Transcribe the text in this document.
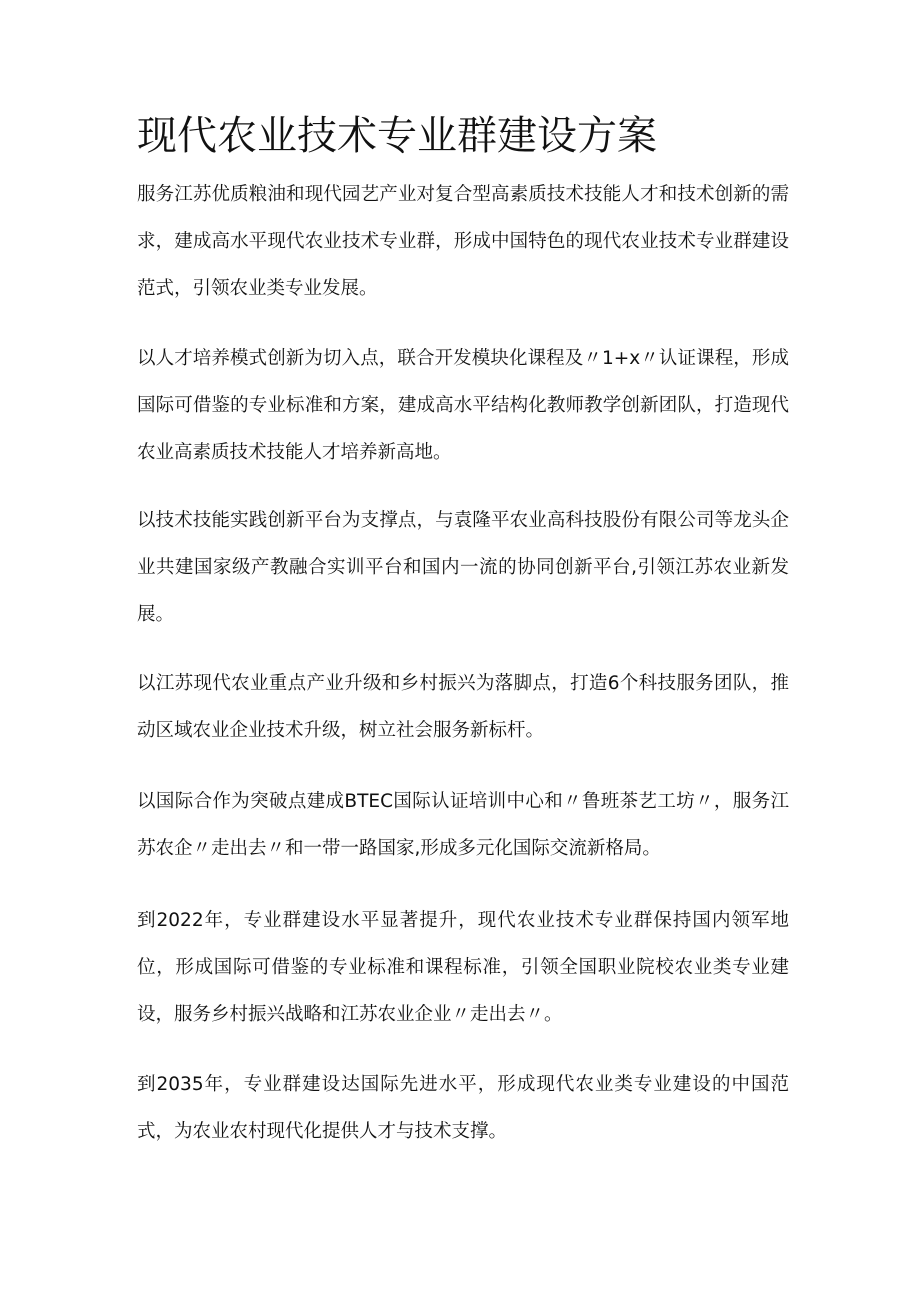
现代农业技术专业群建设方案

服务江苏优质粮油和现代园艺产业对复合型高素质技术技能人才和技术创新的需求，建成高水平现代农业技术专业群，形成中国特色的现代农业技术专业群建设范式，引领农业类专业发展。

以人才培养模式创新为切入点，联合开发模块化课程及〃1+x〃认证课程，形成国际可借鉴的专业标准和方案，建成高水平结构化教师教学创新团队，打造现代农业高素质技术技能人才培养新高地。

以技术技能实践创新平台为支撑点，与袁隆平农业高科技股份有限公司等龙头企业共建国家级产教融合实训平台和国内一流的协同创新平台,引领江苏农业新发展。

以江苏现代农业重点产业升级和乡村振兴为落脚点，打造6个科技服务团队，推动区域农业企业技术升级，树立社会服务新标杆。

以国际合作为突破点建成BTEC国际认证培训中心和〃鲁班茶艺工坊〃，服务江苏农企〃走出去〃和一带一路国家,形成多元化国际交流新格局。

到2022年，专业群建设水平显著提升，现代农业技术专业群保持国内领军地位，形成国际可借鉴的专业标准和课程标准，引领全国职业院校农业类专业建设，服务乡村振兴战略和江苏农业企业〃走出去〃。

到2035年，专业群建设达国际先进水平，形成现代农业类专业建设的中国范式，为农业农村现代化提供人才与技术支撑。
